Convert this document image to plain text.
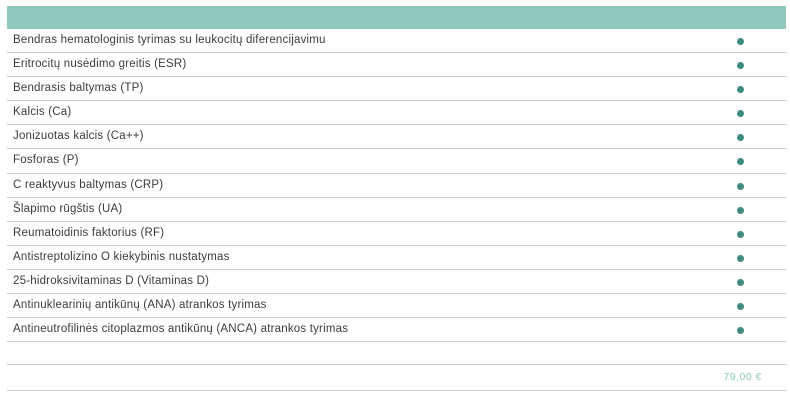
Bendras hematologinis tyrimas su leukocitų diferencijavimu
Eritrocitų nusėdimo greitis (ESR)
Bendrasis baltymas (TP)
Kalcis (Ca)
Jonizuotas kalcis (Ca++)
Fosforas (P)
C reaktyvus baltymas (CRP)
Šlapimo rūgštis (UA)
Reumatoidinis faktorius (RF)
Antistreptolizino O kiekybinis nustatymas
25-hidroksivitaminas D (Vitaminas D)
Antinuklearinių antikūnų (ANA) atrankos tyrimas
Antineutrofilinės citoplazmos antikūnų (ANCA) atrankos tyrimas
79,00 €
